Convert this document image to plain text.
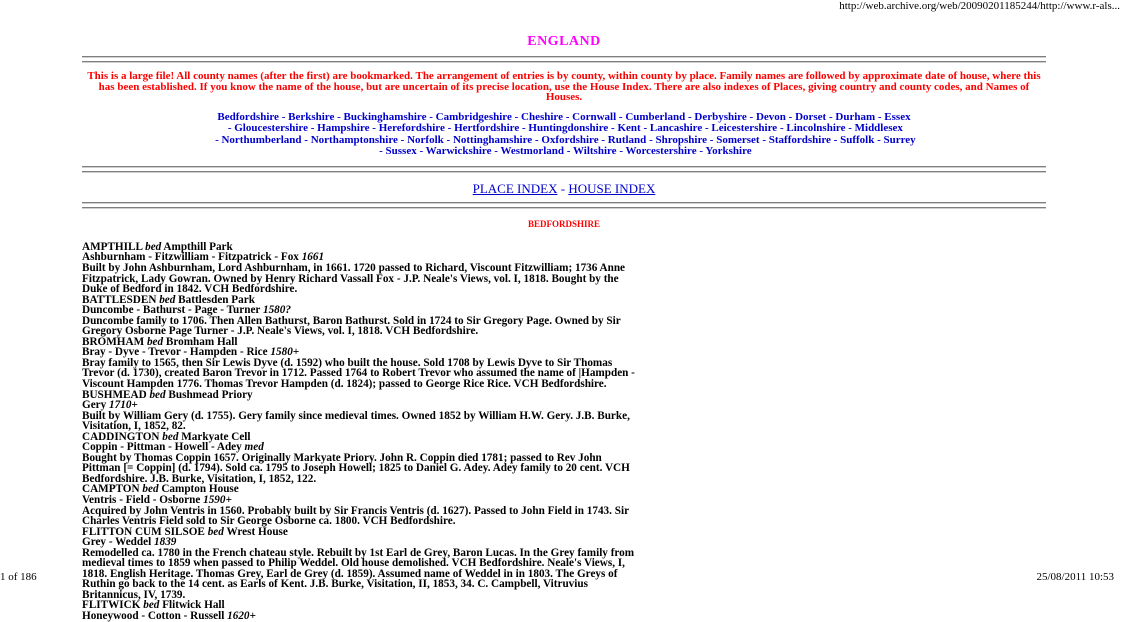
http://web.archive.org/web/20090201185244/http://www.r-als...
ENGLAND

This is a large file! All county names (after the first) are bookmarked. The arrangement of entries is by county, within county by place. Family names are followed by approximate date of house, where this has been established. If you know the name of the house, but are uncertain of its precise location, use the House Index. There are also indexes of Places, giving country and county codes, and Names of Houses.

Bedfordshire - Berkshire - Buckinghamshire - Cambridgeshire - Cheshire - Cornwall - Cumberland - Derbyshire - Devon - Dorset - Durham - Essex - Gloucestershire - Hampshire - Herefordshire - Hertfordshire - Huntingdonshire - Kent - Lancashire - Leicestershire - Lincolnshire - Middlesex - Northumberland - Northamptonshire - Norfolk - Nottinghamshire - Oxfordshire - Rutland - Shropshire - Somerset - Staffordshire - Suffolk - Surrey - Sussex - Warwickshire - Westmorland - Wiltshire - Worcestershire - Yorkshire
PLACE INDEX - HOUSE INDEX
BEDFORDSHIRE
AMPTHILL bed Ampthill Park
Ashburnham - Fitzwilliam - Fitzpatrick - Fox 1661
Built by John Ashburnham, Lord Ashburnham, in 1661. 1720 passed to Richard, Viscount Fitzwilliam; 1736 Anne
Fitzpatrick, Lady Gowran. Owned by Henry Richard Vassall Fox - J.P. Neale's Views, vol. I, 1818. Bought by the
Duke of Bedford in 1842. VCH Bedfordshire.
BATTLESDEN bed Battlesden Park
Duncombe - Bathurst - Page - Turner 1580?
Duncombe family to 1706. Then Allen Bathurst, Baron Bathurst. Sold in 1724 to Sir Gregory Page. Owned by Sir
Gregory Osborne Page Turner - J.P. Neale's Views, vol. I, 1818. VCH Bedfordshire.
BROMHAM bed Bromham Hall
Bray - Dyve - Trevor - Hampden - Rice 1580+
Bray family to 1565, then Sir Lewis Dyve (d. 1592) who built the house. Sold 1708 by Lewis Dyve to Sir Thomas
Trevor (d. 1730), created Baron Trevor in 1712. Passed 1764 to Robert Trevor who assumed the name of |Hampden -
Viscount Hampden 1776. Thomas Trevor Hampden (d. 1824); passed to George Rice Rice. VCH Bedfordshire.
BUSHMEAD bed Bushmead Priory
Gery 1710+
Built by William Gery (d. 1755). Gery family since medieval times. Owned 1852 by William H.W. Gery. J.B. Burke,
Visitation, I, 1852, 82.
CADDINGTON bed Markyate Cell
Coppin - Pittman - Howell - Adey med
Bought by Thomas Coppin 1657. Originally Markyate Priory. John R. Coppin died 1781; passed to Rev John
Pittman [= Coppin] (d. 1794). Sold ca. 1795 to Joseph Howell; 1825 to Daniel G. Adey. Adey family to 20 cent. VCH
Bedfordshire. J.B. Burke, Visitation, I, 1852, 122.
CAMPTON bed Campton House
Ventris - Field - Osborne 1590+
Acquired by John Ventris in 1560. Probably built by Sir Francis Ventris (d. 1627). Passed to John Field in 1743. Sir
Charles Ventris Field sold to Sir George Osborne ca. 1800. VCH Bedfordshire.
FLITTON CUM SILSOE bed Wrest House
Grey - Weddel 1839
Remodelled ca. 1780 in the French chateau style. Rebuilt by 1st Earl de Grey, Baron Lucas. In the Grey family from
medieval times to 1859 when passed to Philip Weddel. Old house demolished. VCH Bedfordshire. Neale's Views, I,
1818. English Heritage. Thomas Grey, Earl de Grey (d. 1859). Assumed name of Weddel in in 1803. The Greys of
Ruthin go back to the 14 cent. as Earls of Kent. J.B. Burke, Visitation, II, 1853, 34. C. Campbell, Vitruvius
Britannicus, IV, 1739.
FLITWICK bed Flitwick Hall
Honeywood - Cotton - Russell 1620+
1 of 186	25/08/2011 10:53
